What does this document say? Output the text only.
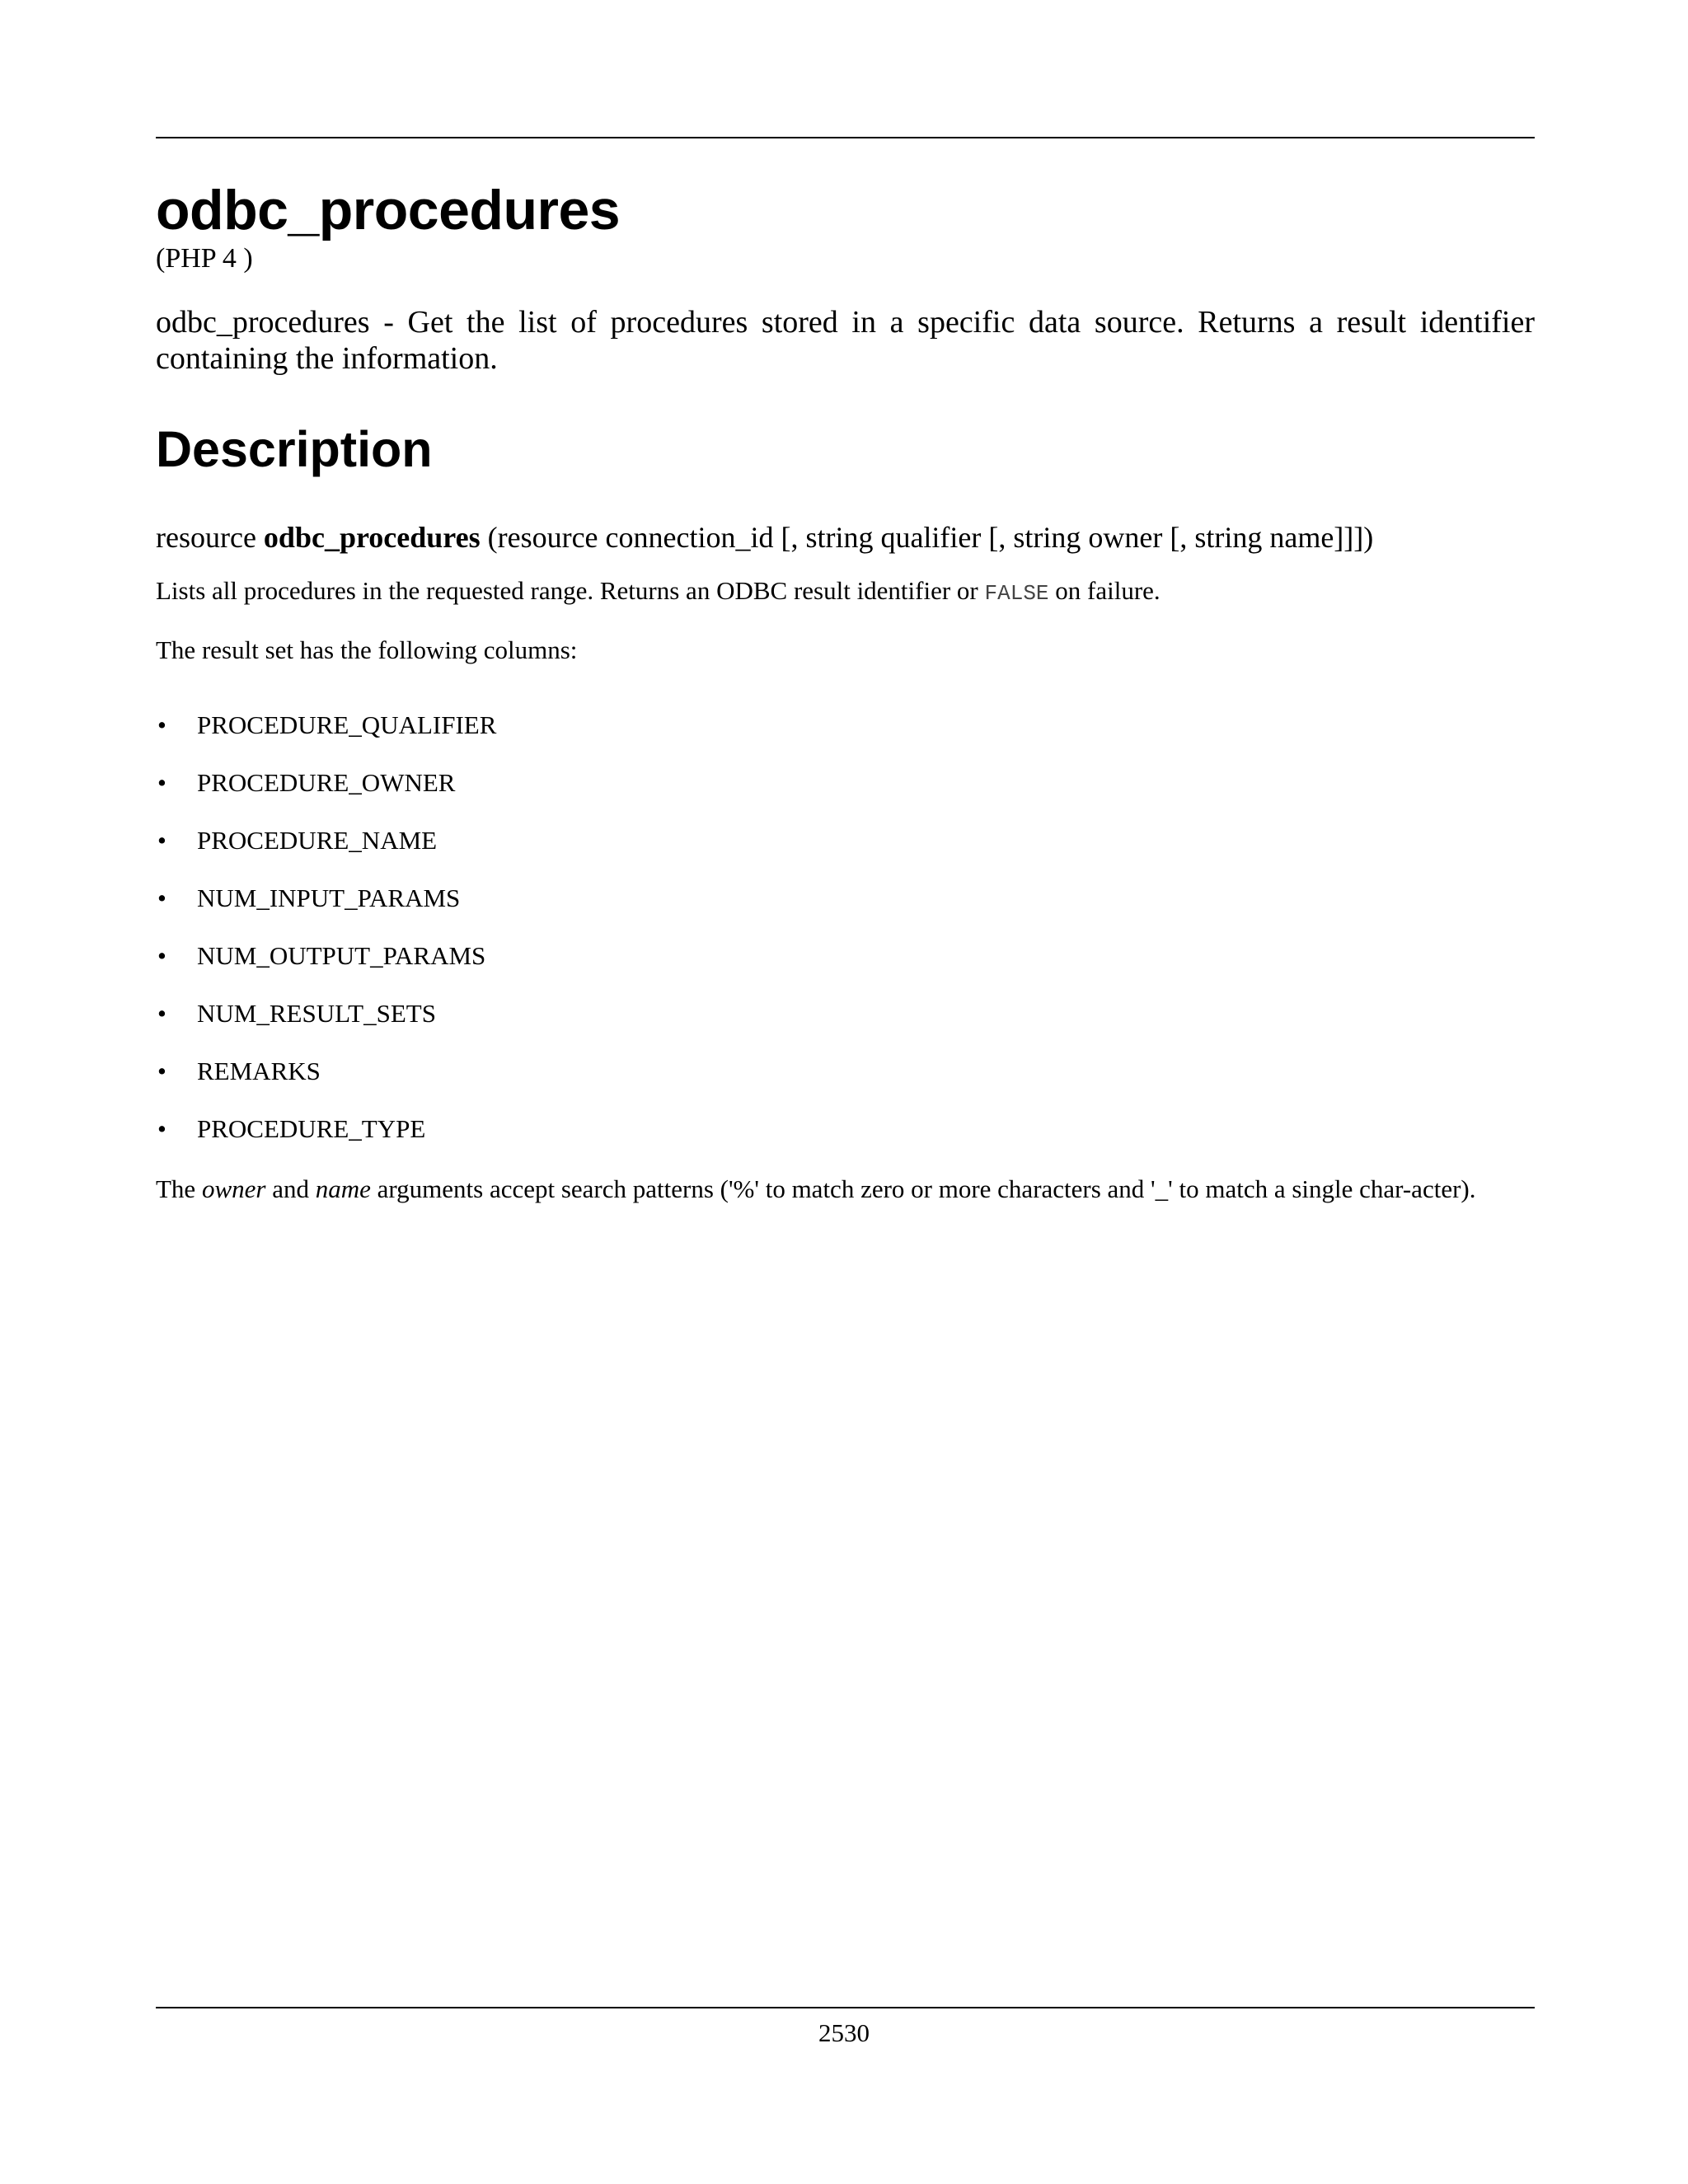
odbc_procedures
(PHP 4 )

odbc_procedures - Get the list of procedures stored in a specific data source. Returns a result identifier containing the information.

Description
resource odbc_procedures (resource connection_id [, string qualifier [, string owner [, string name]]])

Lists all procedures in the requested range. Returns an ODBC result identifier or FALSE on failure.

The result set has the following columns:

• PROCEDURE_QUALIFIER
• PROCEDURE_OWNER
• PROCEDURE_NAME
• NUM_INPUT_PARAMS
• NUM_OUTPUT_PARAMS
• NUM_RESULT_SETS
• REMARKS
• PROCEDURE_TYPE

The owner and name arguments accept search patterns ('%' to match zero or more characters and '_' to match a single char-acter).

2530
